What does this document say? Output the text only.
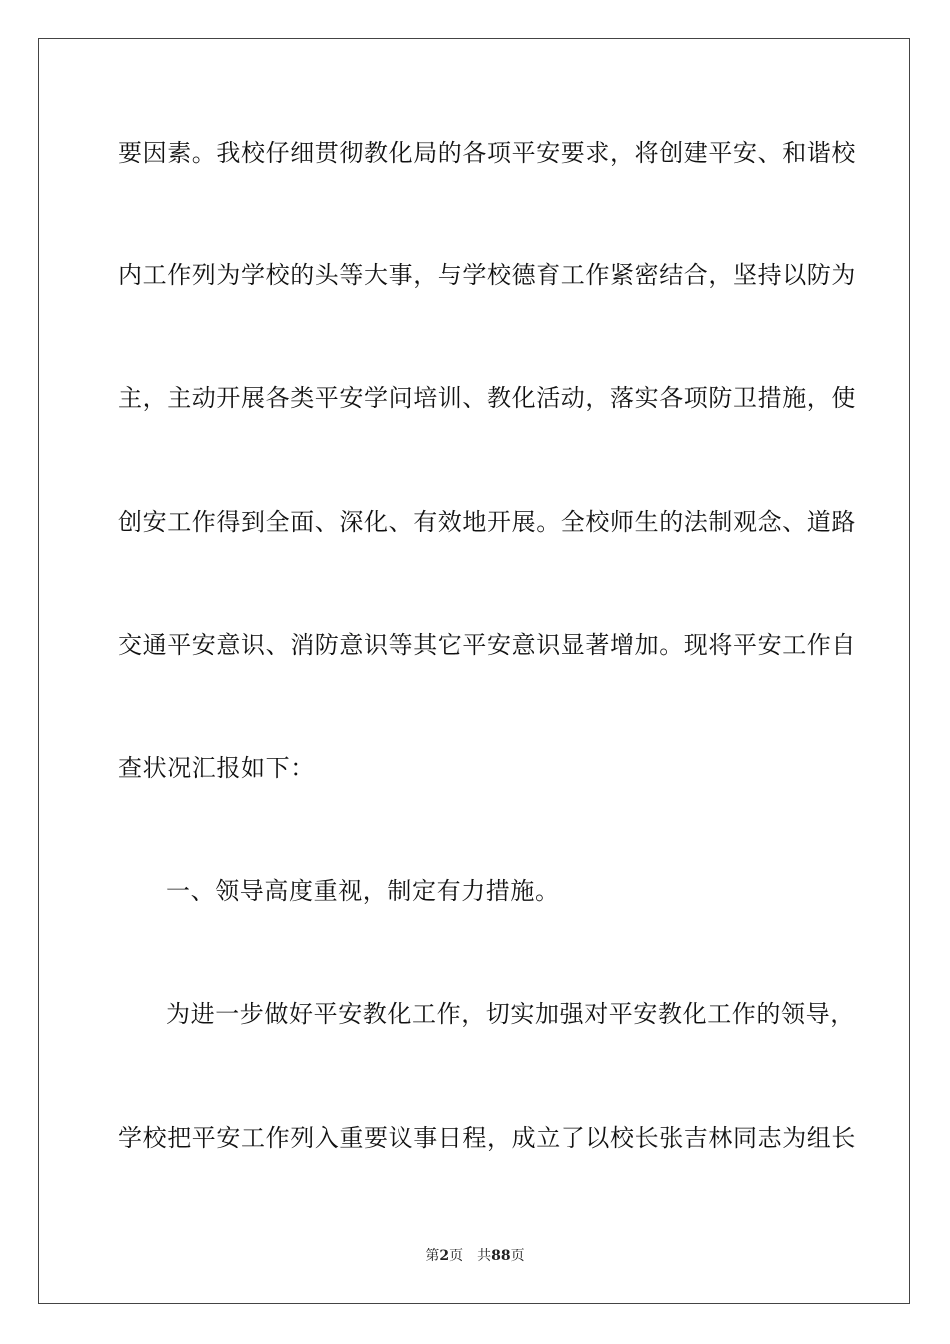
要因素。我校仔细贯彻教化局的各项平安要求，将创建平安、和谐校
内工作列为学校的头等大事，与学校德育工作紧密结合，坚持以防为
主，主动开展各类平安学问培训、教化活动，落实各项防卫措施，使
创安工作得到全面、深化、有效地开展。全校师生的法制观念、道路
交通平安意识、消防意识等其它平安意识显著增加。现将平安工作自
查状况汇报如下：
一、领导高度重视，制定有力措施。
为进一步做好平安教化工作，切实加强对平安教化工作的领导，
学校把平安工作列入重要议事日程，成立了以校长张吉林同志为组长
第2页 共88页
